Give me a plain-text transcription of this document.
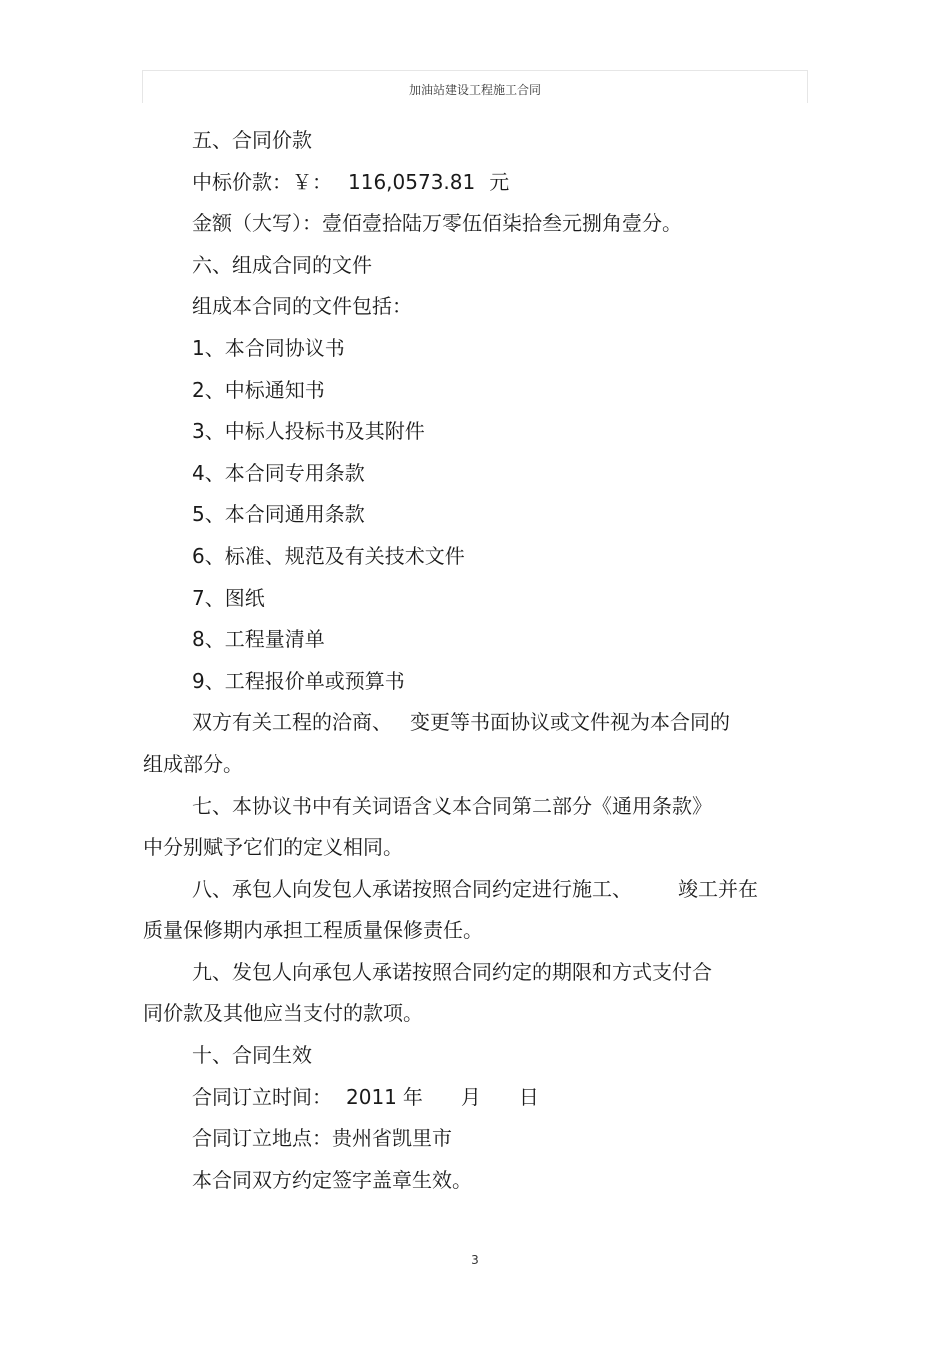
加油站建设工程施工合同
五、合同价款
中标价款：￥： 116,0573.81 元
金额（大写）：壹佰壹拾陆万零伍佰柒拾叁元捌角壹分。
六、组成合同的文件
组成本合同的文件包括：
1、本合同协议书
2、中标通知书
3、中标人投标书及其附件
4、本合同专用条款
5、本合同通用条款
6、标准、规范及有关技术文件
7、图纸
8、工程量清单
9、工程报价单或预算书
双方有关工程的洽商、 变更等书面协议或文件视为本合同的
组成部分。
七、本协议书中有关词语含义本合同第二部分《通用条款》
中分别赋予它们的定义相同。
八、承包人向发包人承诺按照合同约定进行施工、 竣工并在
质量保修期内承担工程质量保修责任。
九、发包人向承包人承诺按照合同约定的期限和方式支付合
同价款及其他应当支付的款项。
十、合同生效
合同订立时间： 2011 年 月 日
合同订立地点：贵州省凯里市
本合同双方约定签字盖章生效。
3
